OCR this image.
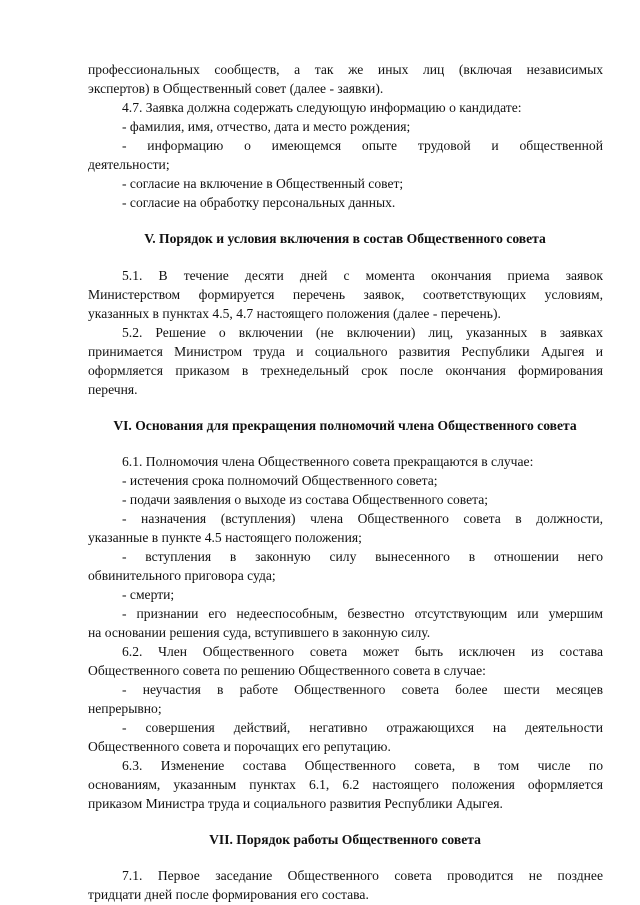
профессиональных сообществ, а так же иных лиц (включая независимых
экспертов) в Общественный совет (далее - заявки).
4.7. Заявка должна содержать следующую информацию о кандидате:
- фамилия, имя, отчество, дата и место рождения;
- информацию о имеющемся опыте трудовой и общественной
деятельности;
- согласие на включение в Общественный совет;
- согласие на обработку персональных данных.
V. Порядок и условия включения в состав Общественного совета
5.1. В течение десяти дней с момента окончания приема заявок
Министерством формируется перечень заявок, соответствующих условиям,
указанных в пунктах 4.5, 4.7 настоящего положения (далее - перечень).
5.2. Решение о включении (не включении) лиц, указанных в заявках
принимается Министром труда и социального развития Республики Адыгея и
оформляется приказом в трехнедельный срок после окончания формирования
перечня.
VI. Основания для прекращения полномочий члена Общественного совета
6.1. Полномочия члена Общественного совета прекращаются в случае:
- истечения срока полномочий Общественного совета;
- подачи заявления о выходе из состава Общественного совета;
- назначения (вступления) члена Общественного совета в должности,
указанные в пункте 4.5 настоящего положения;
- вступления в законную силу вынесенного в отношении него
обвинительного приговора суда;
- смерти;
- признании его недееспособным, безвестно отсутствующим или умершим
на основании решения суда, вступившего в законную силу.
6.2. Член Общественного совета может быть исключен из состава
Общественного совета по решению Общественного совета в случае:
- неучастия в работе Общественного совета более шести месяцев
непрерывно;
- совершения действий, негативно отражающихся на деятельности
Общественного совета и порочащих его репутацию.
6.3. Изменение состава Общественного совета, в том числе по
основаниям, указанным пунктах 6.1, 6.2 настоящего положения оформляется
приказом Министра труда и социального развития Республики Адыгея.
VII. Порядок работы Общественного совета
7.1. Первое заседание Общественного совета проводится не позднее
тридцати дней после формирования его состава.
